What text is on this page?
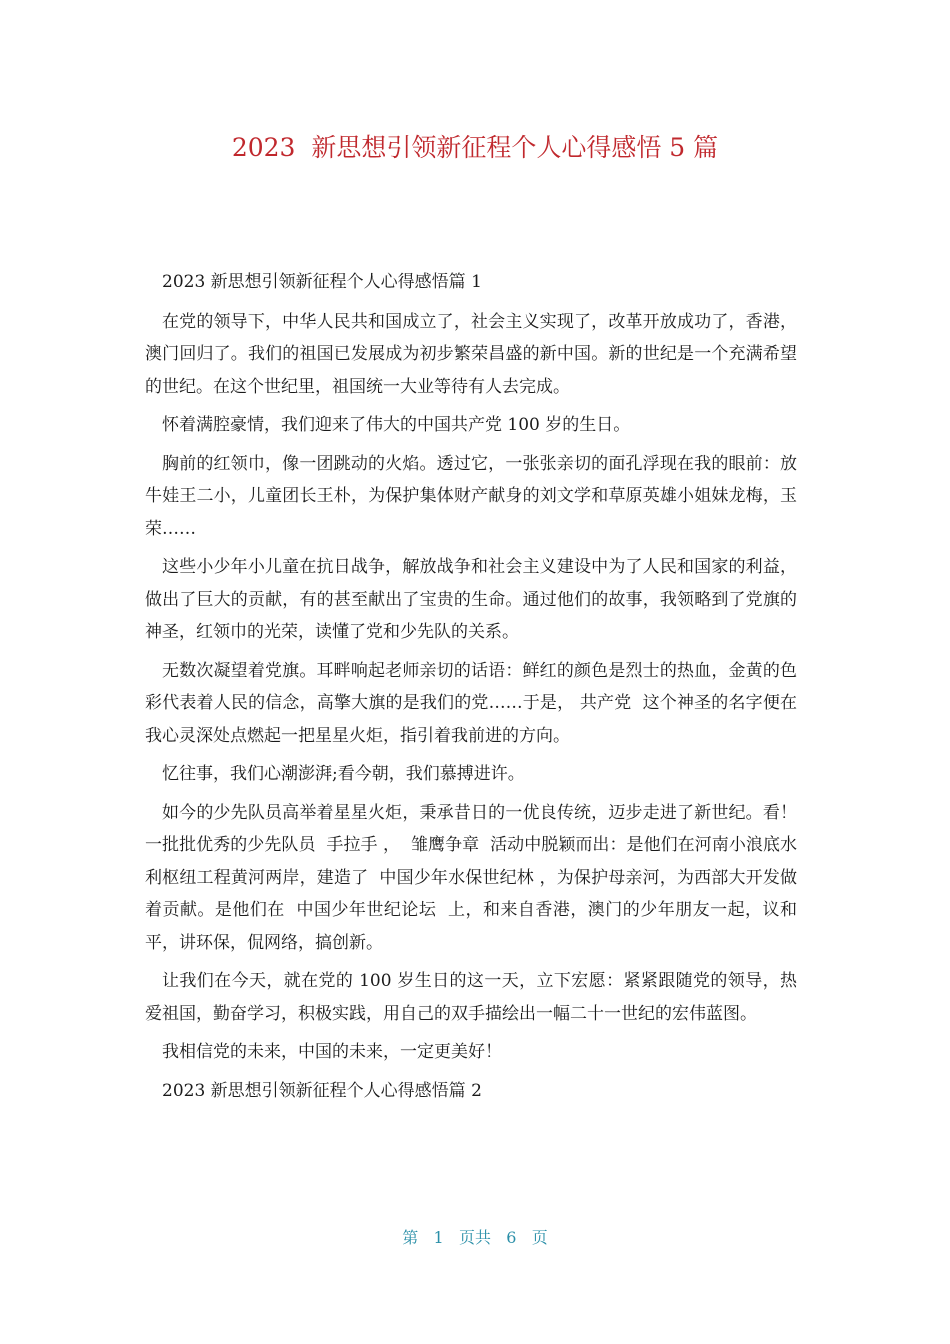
2023  新思想引领新征程个人心得感悟 5 篇

2023 新思想引领新征程个人心得感悟篇 1

在党的领导下，中华人民共和国成立了，社会主义实现了，改革开放成功了，香港，澳门回归了。我们的祖国已发展成为初步繁荣昌盛的新中国。新的世纪是一个充满希望的世纪。在这个世纪里，祖国统一大业等待有人去完成。

怀着满腔豪情，我们迎来了伟大的中国共产党 100 岁的生日。

胸前的红领巾，像一团跳动的火焰。透过它，一张张亲切的面孔浮现在我的眼前：放牛娃王二小，儿童团长王朴，为保护集体财产献身的刘文学和草原英雄小姐妹龙梅，玉荣……

这些小少年小儿童在抗日战争，解放战争和社会主义建设中为了人民和国家的利益，做出了巨大的贡献，有的甚至献出了宝贵的生命。通过他们的故事，我领略到了党旗的神圣，红领巾的光荣，读懂了党和少先队的关系。

无数次凝望着党旗。耳畔响起老师亲切的话语：鲜红的颜色是烈士的热血，金黄的色彩代表着人民的信念，高擎大旗的是我们的党……于是， 共产党  这个神圣的名字便在我心灵深处点燃起一把星星火炬，指引着我前进的方向。

忆往事，我们心潮澎湃;看今朝，我们慕搏进许。

如今的少先队员高举着星星火炬，秉承昔日的一优良传统，迈步走进了新世纪。看！一批批优秀的少先队员  手拉手 ，  雏鹰争章  活动中脱颖而出：是他们在河南小浪底水利枢纽工程黄河两岸，建造了  中国少年水保世纪林 ，为保护母亲河，为西部大开发做着贡献。是他们在  中国少年世纪论坛  上，和来自香港，澳门的少年朋友一起，议和平，讲环保，侃网络，搞创新。

让我们在今天，就在党的 100 岁生日的这一天，立下宏愿：紧紧跟随党的领导，热爱祖国，勤奋学习，积极实践，用自己的双手描绘出一幅二十一世纪的宏伟蓝图。

我相信党的未来，中国的未来，一定更美好！

2023 新思想引领新征程个人心得感悟篇 2

第   1   页共   6   页
